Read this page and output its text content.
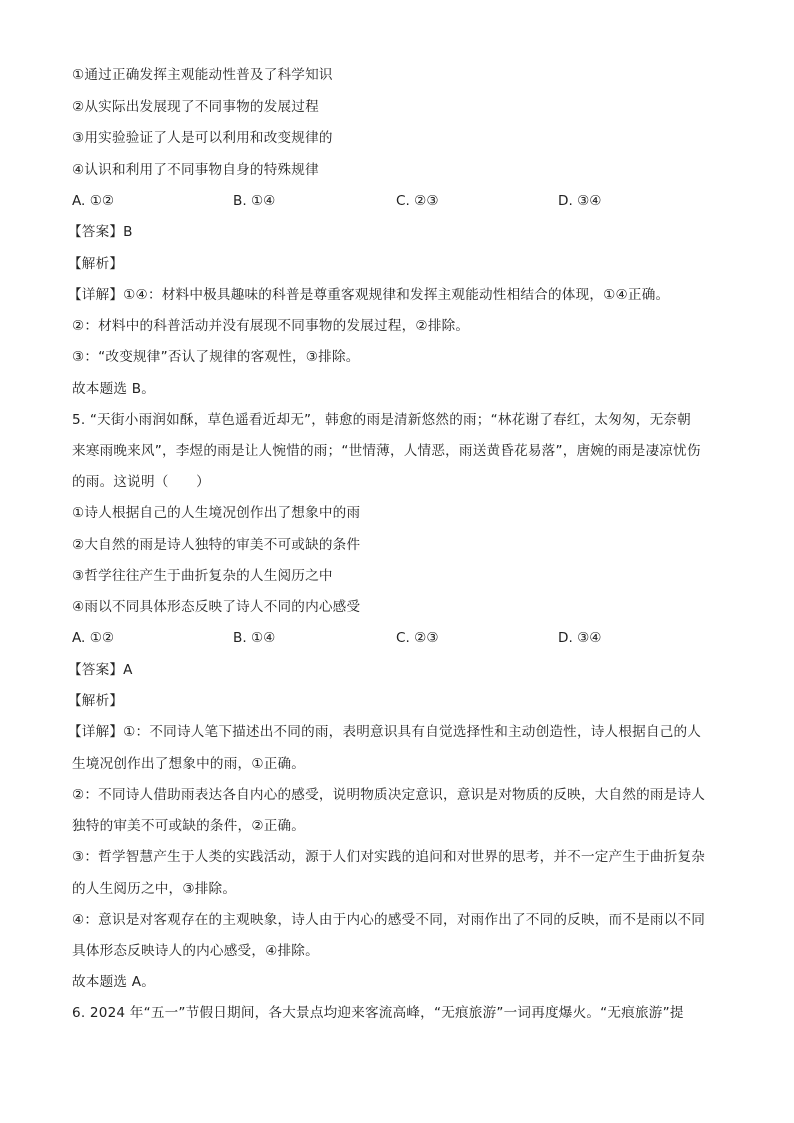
①通过正确发挥主观能动性普及了科学知识
②从实际出发展现了不同事物的发展过程
③用实验验证了人是可以利用和改变规律的
④认识和利用了不同事物自身的特殊规律
A. ①②	B. ①④	C. ②③	D. ③④
【答案】B
【解析】
【详解】①④：材料中极具趣味的科普是尊重客观规律和发挥主观能动性相结合的体现，①④正确。
②：材料中的科普活动并没有展现不同事物的发展过程，②排除。
③：“改变规律”否认了规律的客观性，③排除。
故本题选 B。
5. “天街小雨润如酥，草色遥看近却无”，韩愈的雨是清新悠然的雨；“林花谢了春红，太匆匆，无奈朝
来寒雨晚来风”，李煜的雨是让人惋惜的雨；“世情薄，人情恶，雨送黄昏花易落”，唐婉的雨是凄凉忧伤
的雨。这说明（　　）
①诗人根据自己的人生境况创作出了想象中的雨
②大自然的雨是诗人独特的审美不可或缺的条件
③哲学往往产生于曲折复杂的人生阅历之中
④雨以不同具体形态反映了诗人不同的内心感受
A. ①②	B. ①④	C. ②③	D. ③④
【答案】A
【解析】
【详解】①：不同诗人笔下描述出不同的雨，表明意识具有自觉选择性和主动创造性，诗人根据自己的人
生境况创作出了想象中的雨，①正确。
②：不同诗人借助雨表达各自内心的感受，说明物质决定意识，意识是对物质的反映，大自然的雨是诗人
独特的审美不可或缺的条件，②正确。
③：哲学智慧产生于人类的实践活动，源于人们对实践的追问和对世界的思考，并不一定产生于曲折复杂
的人生阅历之中，③排除。
④：意识是对客观存在的主观映象，诗人由于内心的感受不同，对雨作出了不同的反映，而不是雨以不同
具体形态反映诗人的内心感受，④排除。
故本题选 A。
6. 2024 年“五一”节假日期间，各大景点均迎来客流高峰，“无痕旅游”一词再度爆火。“无痕旅游”提
